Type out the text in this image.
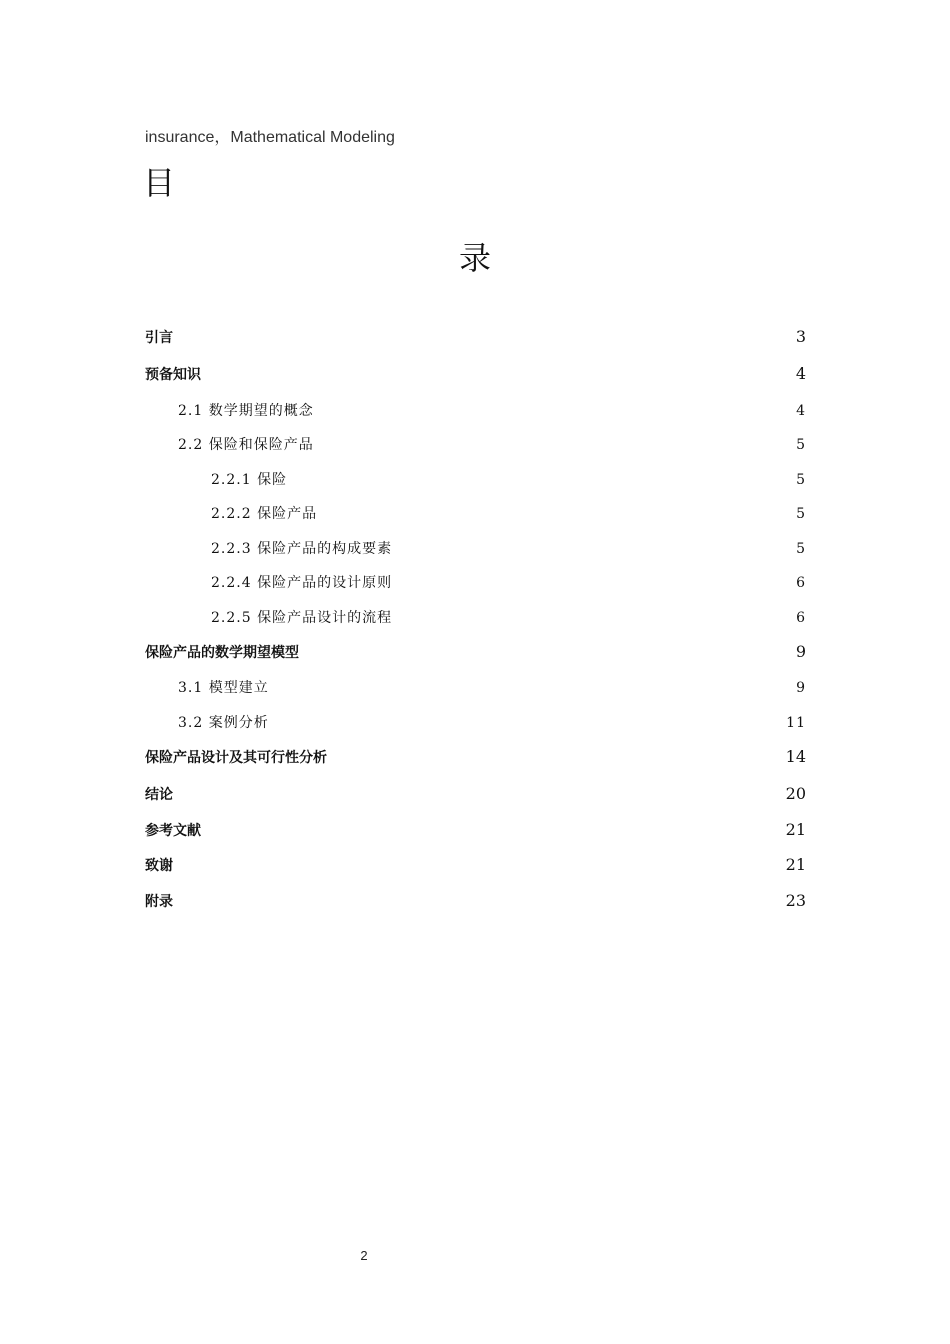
insurance，Mathematical Modeling
目
录
引言	3
预备知识	4
2.1 数学期望的概念	4
2.2 保险和保险产品	5
2.2.1 保险	5
2.2.2 保险产品	5
2.2.3 保险产品的构成要素	5
2.2.4 保险产品的设计原则	6
2.2.5 保险产品设计的流程	6
保险产品的数学期望模型	9
3.1 模型建立	9
3.2 案例分析	11
保险产品设计及其可行性分析	14
结论	20
参考文献	21
致谢	21
附录	23
2
